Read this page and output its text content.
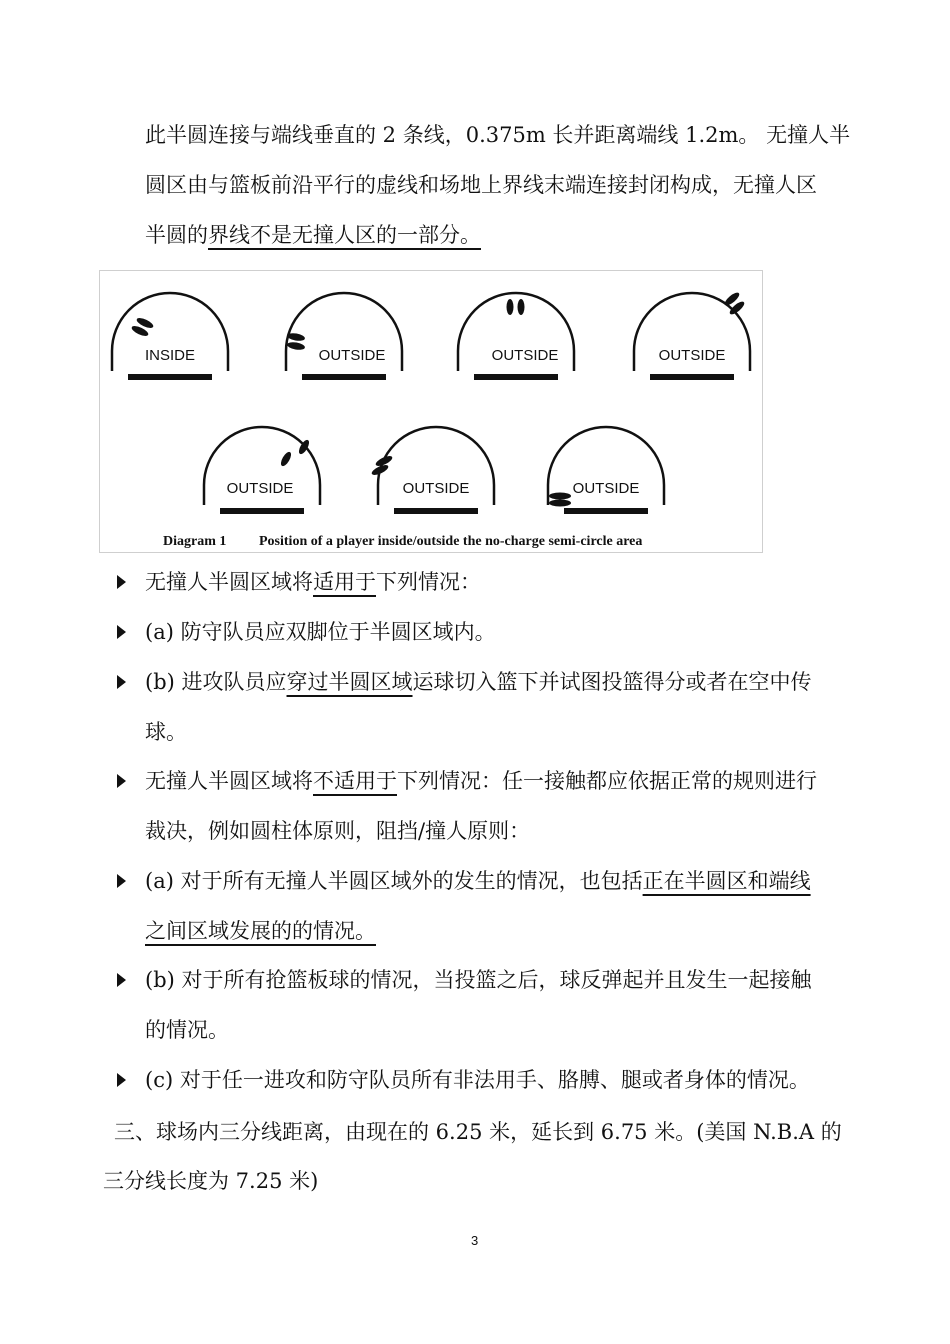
此半圆连接与端线垂直的 2 条线，0.375m 长并距离端线 1.2m。 无撞人半
圆区由与篮板前沿平行的虚线和场地上界线末端连接封闭构成，无撞人区
半圆的界线不是无撞人区的一部分。
INSIDE	OUTSIDE	OUTSIDE	OUTSIDE
OUTSIDE	OUTSIDE	OUTSIDE
Diagram 1 Position of a player inside/outside the no-charge semi-circle area
无撞人半圆区域将适用于下列情况：
(a) 防守队员应双脚位于半圆区域内。
(b) 进攻队员应穿过半圆区域运球切入篮下并试图投篮得分或者在空中传
球。
无撞人半圆区域将不适用于下列情况：任一接触都应依据正常的规则进行
裁决，例如圆柱体原则，阻挡/撞人原则：
(a) 对于所有无撞人半圆区域外的发生的情况，也包括正在半圆区和端线
之间区域发展的的情况。
(b) 对于所有抢篮板球的情况，当投篮之后，球反弹起并且发生一起接触
的情况。
(c) 对于任一进攻和防守队员所有非法用手、胳膊、腿或者身体的情况。
三、球场内三分线距离，由现在的 6.25 米，延长到 6.75 米。(美国 N.B.A 的
三分线长度为 7.25 米)
3
